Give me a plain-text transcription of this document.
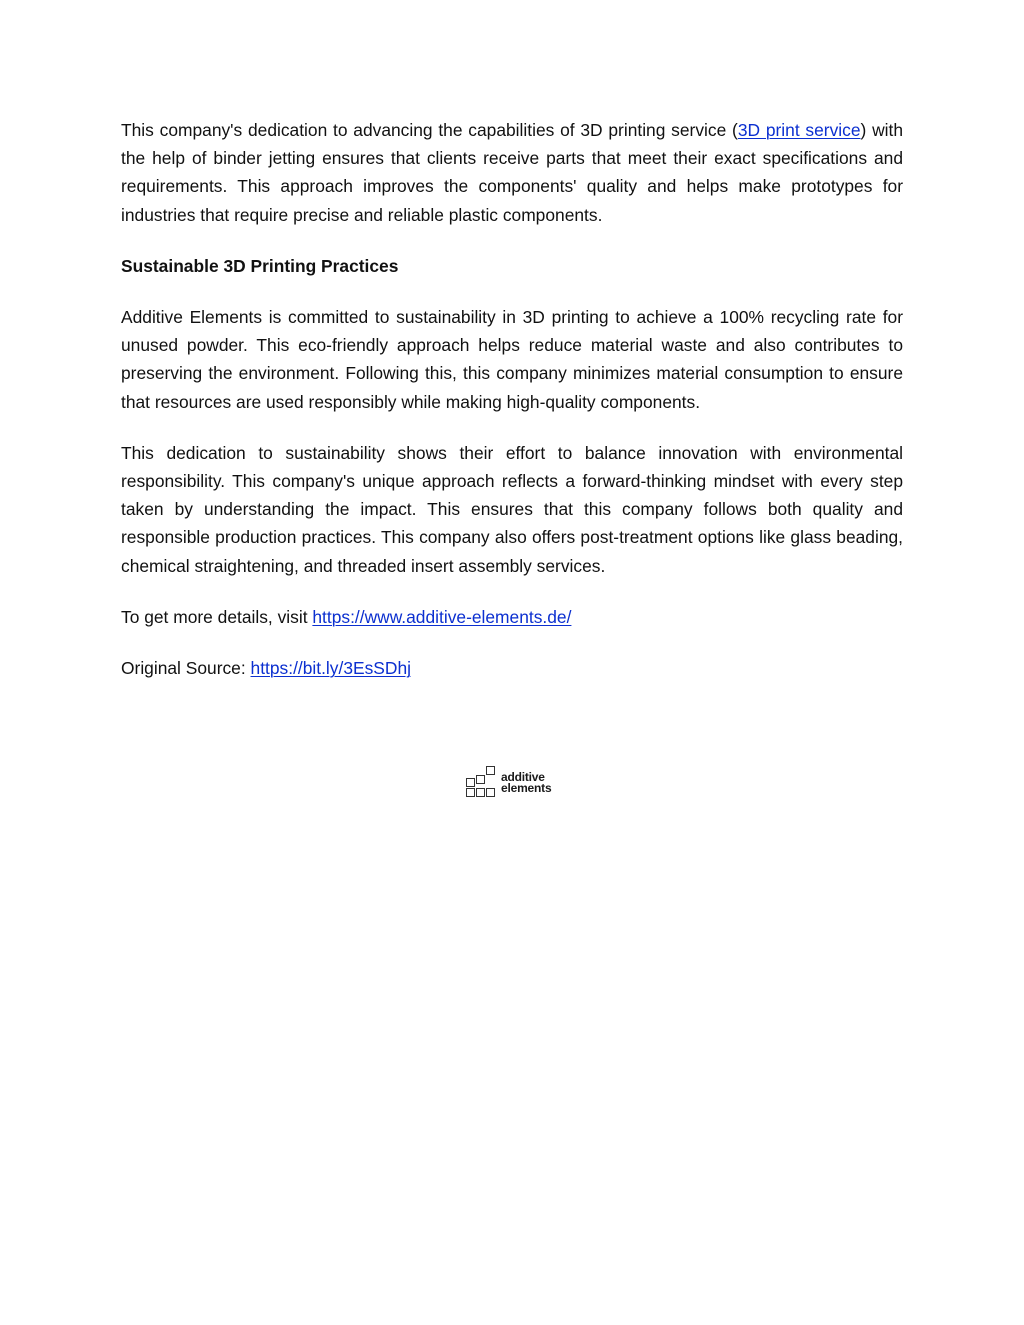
This company's dedication to advancing the capabilities of 3D printing service (3D print service) with the help of binder jetting ensures that clients receive parts that meet their exact specifications and requirements. This approach improves the components' quality and helps make prototypes for industries that require precise and reliable plastic components.

Sustainable 3D Printing Practices

Additive Elements is committed to sustainability in 3D printing to achieve a 100% recycling rate for unused powder. This eco-friendly approach helps reduce material waste and also contributes to preserving the environment. Following this, this company minimizes material consumption to ensure that resources are used responsibly while making high-quality components.

This dedication to sustainability shows their effort to balance innovation with environmental responsibility. This company's unique approach reflects a forward-thinking mindset with every step taken by understanding the impact. This ensures that this company follows both quality and responsible production practices. This company also offers post-treatment options like glass beading, chemical straightening, and threaded insert assembly services.

To get more details, visit https://www.additive-elements.de/

Original Source: https://bit.ly/3EsSDhj

additive
elements
